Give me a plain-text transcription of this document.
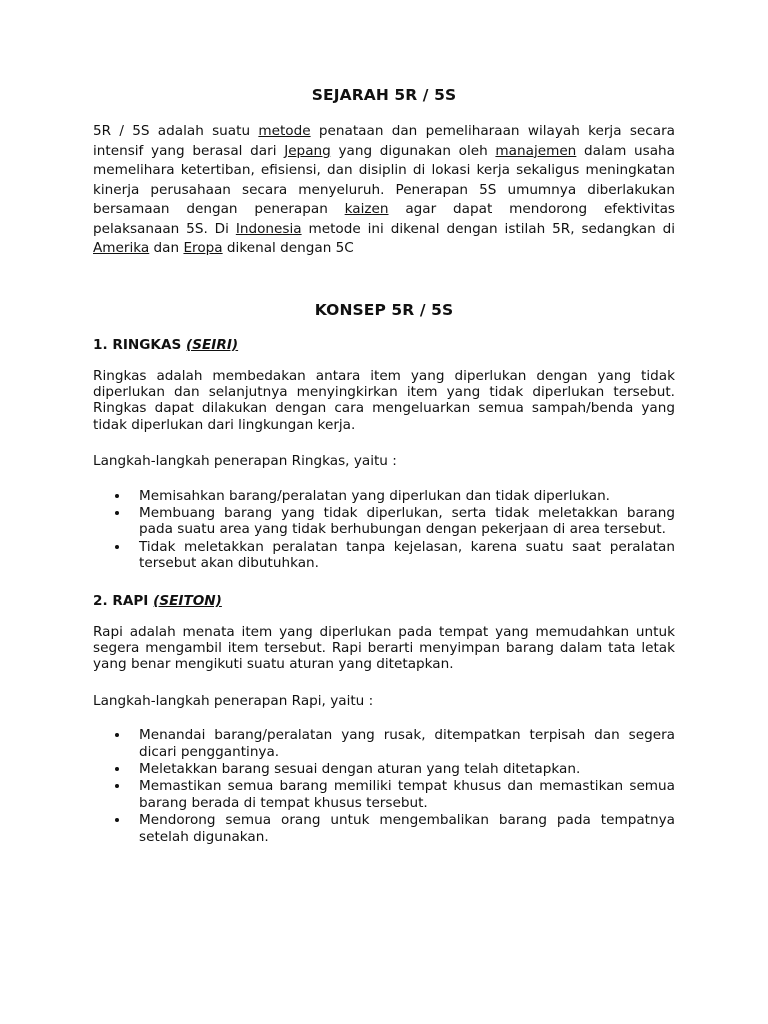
SEJARAH 5R / 5S

5R / 5S adalah suatu metode penataan dan pemeliharaan wilayah kerja secara intensif yang berasal dari Jepang yang digunakan oleh manajemen dalam usaha memelihara ketertiban, efisiensi, dan disiplin di lokasi kerja sekaligus meningkatan kinerja perusahaan secara menyeluruh. Penerapan 5S umumnya diberlakukan bersamaan dengan penerapan kaizen agar dapat mendorong efektivitas pelaksanaan 5S. Di Indonesia metode ini dikenal dengan istilah 5R, sedangkan di Amerika dan Eropa dikenal dengan 5C

KONSEP 5R / 5S
1. RINGKAS (SEIRI)

Ringkas adalah membedakan antara item yang diperlukan dengan yang tidak diperlukan dan selanjutnya menyingkirkan item yang tidak diperlukan tersebut. Ringkas dapat dilakukan dengan cara mengeluarkan semua sampah/benda yang tidak diperlukan dari lingkungan kerja.

Langkah-langkah penerapan Ringkas, yaitu :

Memisahkan barang/peralatan yang diperlukan dan tidak diperlukan.
Membuang barang yang tidak diperlukan, serta tidak meletakkan barang pada suatu area yang tidak berhubungan dengan pekerjaan di area tersebut.
Tidak meletakkan peralatan tanpa kejelasan, karena suatu saat peralatan tersebut akan dibutuhkan.
2. RAPI (SEITON)

Rapi adalah menata item yang diperlukan pada tempat yang memudahkan untuk segera mengambil item tersebut. Rapi berarti menyimpan barang dalam tata letak yang benar mengikuti suatu aturan yang ditetapkan.

Langkah-langkah penerapan Rapi, yaitu :

Menandai barang/peralatan yang rusak, ditempatkan terpisah dan segera dicari penggantinya.
Meletakkan barang sesuai dengan aturan yang telah ditetapkan.
Memastikan semua barang memiliki tempat khusus dan memastikan semua barang berada di tempat khusus tersebut.
Mendorong semua orang untuk mengembalikan barang pada tempatnya setelah digunakan.
